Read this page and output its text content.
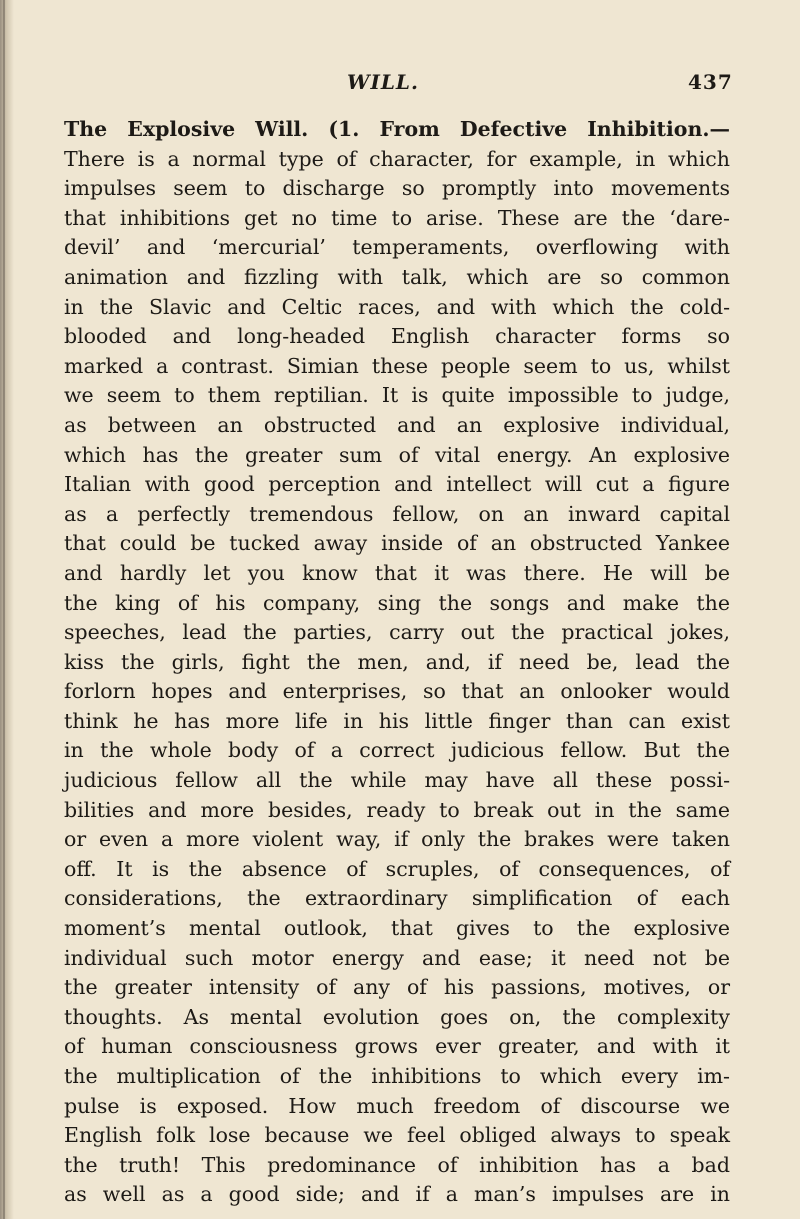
WILL.	437
The Explosive Will. (1. From Defective Inhibition.—
There is a normal type of character, for example, in which
impulses seem to discharge so promptly into movements
that inhibitions get no time to arise. These are the ‘dare-
devil’ and ‘mercurial’ temperaments, overflowing with
animation and fizzling with talk, which are so common
in the Slavic and Celtic races, and with which the cold-
blooded and long-headed English character forms so
marked a contrast. Simian these people seem to us, whilst
we seem to them reptilian. It is quite impossible to judge,
as between an obstructed and an explosive individual,
which has the greater sum of vital energy. An explosive
Italian with good perception and intellect will cut a figure
as a perfectly tremendous fellow, on an inward capital
that could be tucked away inside of an obstructed Yankee
and hardly let you know that it was there. He will be
the king of his company, sing the songs and make the
speeches, lead the parties, carry out the practical jokes,
kiss the girls, fight the men, and, if need be, lead the
forlorn hopes and enterprises, so that an onlooker would
think he has more life in his little finger than can exist
in the whole body of a correct judicious fellow. But the
judicious fellow all the while may have all these possi-
bilities and more besides, ready to break out in the same
or even a more violent way, if only the brakes were taken
off. It is the absence of scruples, of consequences, of
considerations, the extraordinary simplification of each
moment’s mental outlook, that gives to the explosive
individual such motor energy and ease; it need not be
the greater intensity of any of his passions, motives, or
thoughts. As mental evolution goes on, the complexity
of human consciousness grows ever greater, and with it
the multiplication of the inhibitions to which every im-
pulse is exposed. How much freedom of discourse we
English folk lose because we feel obliged always to speak
the truth! This predominance of inhibition has a bad
as well as a good side; and if a man’s impulses are in
